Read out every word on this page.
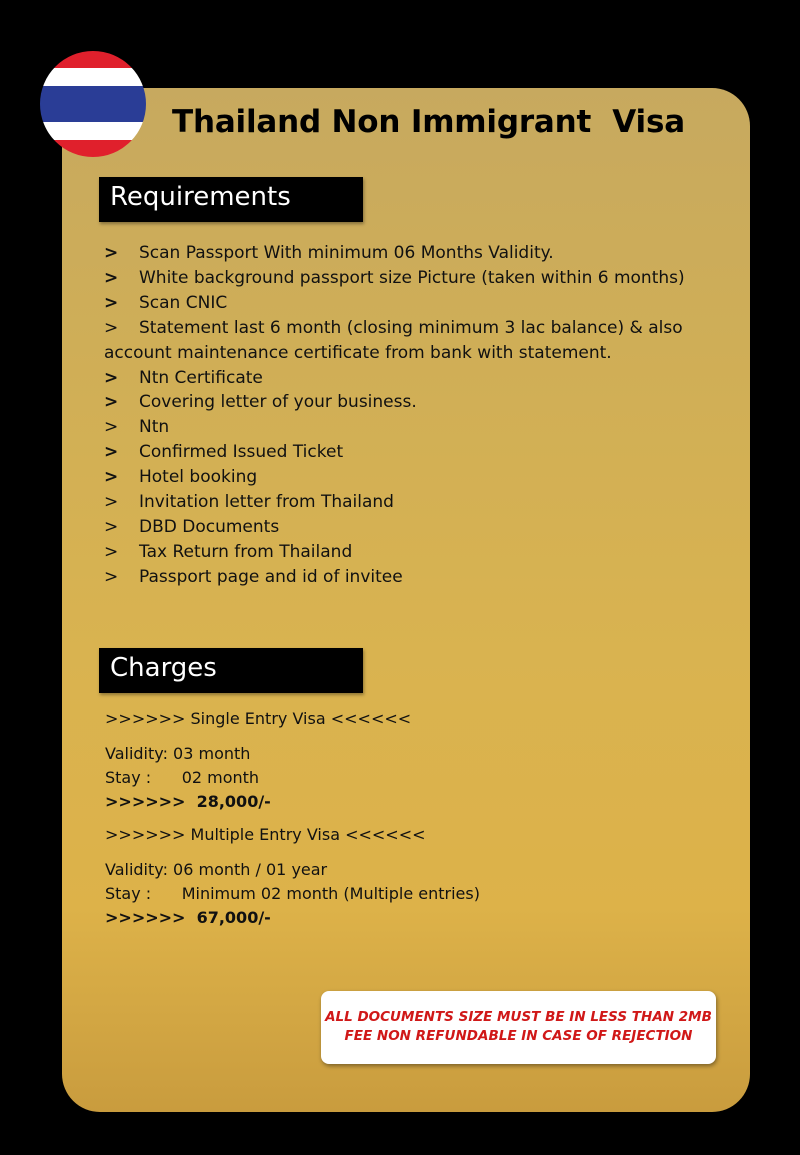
Thailand Non Immigrant  Visa
Requirements
> Scan Passport With minimum 06 Months Validity.
> White background passport size Picture (taken within 6 months)
> Scan CNIC
> Statement last 6 month (closing minimum 3 lac balance) & also
account maintenance certificate from bank with statement.
> Ntn Certificate
> Covering letter of your business.
> Ntn
> Confirmed Issued Ticket
> Hotel booking
> Invitation letter from Thailand
> DBD Documents
> Tax Return from Thailand
> Passport page and id of invitee
Charges
>>>>>> Single Entry Visa <<<<<<
Validity: 03 month
Stay :      02 month
>>>>>>  28,000/-
>>>>>> Multiple Entry Visa <<<<<<
Validity: 06 month / 01 year
Stay :      Minimum 02 month (Multiple entries)
>>>>>>  67,000/-
ALL DOCUMENTS SIZE MUST BE IN LESS THAN 2MB
FEE NON REFUNDABLE IN CASE OF REJECTION
